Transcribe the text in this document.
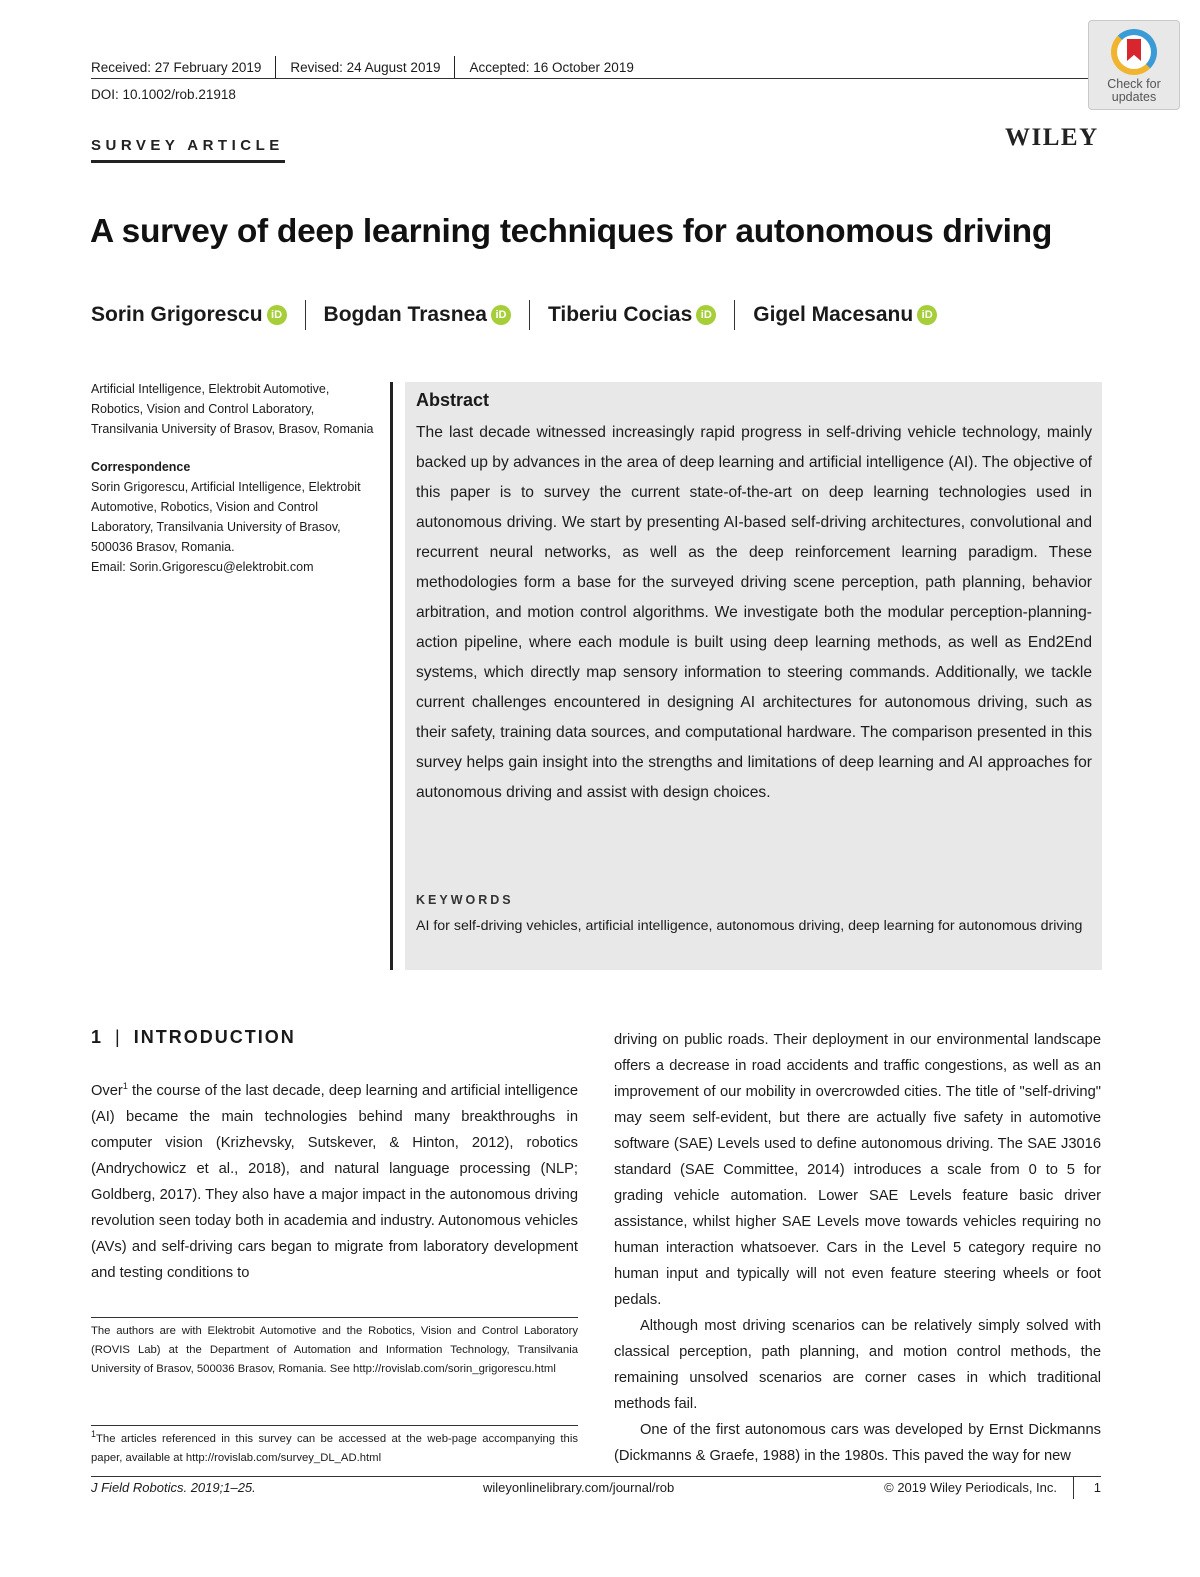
Received: 27 February 2019 Revised: 24 August 2019 Accepted: 16 October 2019
DOI: 10.1002/rob.21918
Check for
updates
WILEY
SURVEY ARTICLE
A survey of deep learning techniques for autonomous driving
Sorin Grigorescu iD Bogdan Trasnea iD Tiberiu Cocias iD Gigel Macesanu iD
Artificial Intelligence, Elektrobit Automotive, Robotics, Vision and Control Laboratory, Transilvania University of Brasov, Brasov, Romania
Correspondence
Sorin Grigorescu, Artificial Intelligence, Elektrobit Automotive, Robotics, Vision and Control Laboratory, Transilvania University of Brasov, 500036 Brasov, Romania.
Email: Sorin.Grigorescu@elektrobit.com
Abstract
The last decade witnessed increasingly rapid progress in self‐driving vehicle technology, mainly backed up by advances in the area of deep learning and artificial intelligence (AI). The objective of this paper is to survey the current state‐of‐the‐art on deep learning technologies used in autonomous driving. We start by presenting AI‐based self‐driving architectures, convolutional and recurrent neural networks, as well as the deep reinforcement learning paradigm. These methodologies form a base for the surveyed driving scene perception, path planning, behavior arbitration, and motion control algorithms. We investigate both the modular perception‐planning‐action pipeline, where each module is built using deep learning methods, as well as End2End systems, which directly map sensory information to steering commands. Additionally, we tackle current challenges encountered in designing AI architectures for autonomous driving, such as their safety, training data sources, and computational hardware. The comparison presented in this survey helps gain insight into the strengths and limitations of deep learning and AI approaches for autonomous driving and assist with design choices.
KEYWORDS
AI for self‐driving vehicles, artificial intelligence, autonomous driving, deep learning for autonomous driving
1 | INTRODUCTION
Over$^1$ the course of the last decade, deep learning and artificial intelligence (AI) became the main technologies behind many breakthroughs in computer vision (Krizhevsky, Sutskever, & Hinton, 2012), robotics (Andrychowicz et al., 2018), and natural language processing (NLP; Goldberg, 2017). They also have a major impact in the autonomous driving revolution seen today both in academia and industry. Autonomous vehicles (AVs) and self‐driving cars began to migrate from laboratory development and testing conditions to

driving on public roads. Their deployment in our environmental landscape offers a decrease in road accidents and traffic congestions, as well as an improvement of our mobility in overcrowded cities. The title of "self‐driving" may seem self‐evident, but there are actually five safety in automotive software (SAE) Levels used to define autonomous driving. The SAE J3016 standard (SAE Committee, 2014) introduces a scale from 0 to 5 for grading vehicle automation. Lower SAE Levels feature basic driver assistance, whilst higher SAE Levels move towards vehicles requiring no human interaction whatsoever. Cars in the Level 5 category require no human input and typically will not even feature steering wheels or foot pedals.

Although most driving scenarios can be relatively simply solved with classical perception, path planning, and motion control methods, the remaining unsolved scenarios are corner cases in which traditional methods fail.

One of the first autonomous cars was developed by Ernst Dickmanns (Dickmanns & Graefe, 1988) in the 1980s. This paved the way for new

The authors are with Elektrobit Automotive and the Robotics, Vision and Control Laboratory (ROVIS Lab) at the Department of Automation and Information Technology, Transilvania University of Brasov, 500036 Brasov, Romania. See http://rovislab.com/sorin_grigorescu.html
$^1$The articles referenced in this survey can be accessed at the web‐page accompanying this paper, available at http://rovislab.com/survey_DL_AD.html
J Field Robotics. 2019;1–25.	wileyonlinelibrary.com/journal/rob	© 2019 Wiley Periodicals, Inc.	1
